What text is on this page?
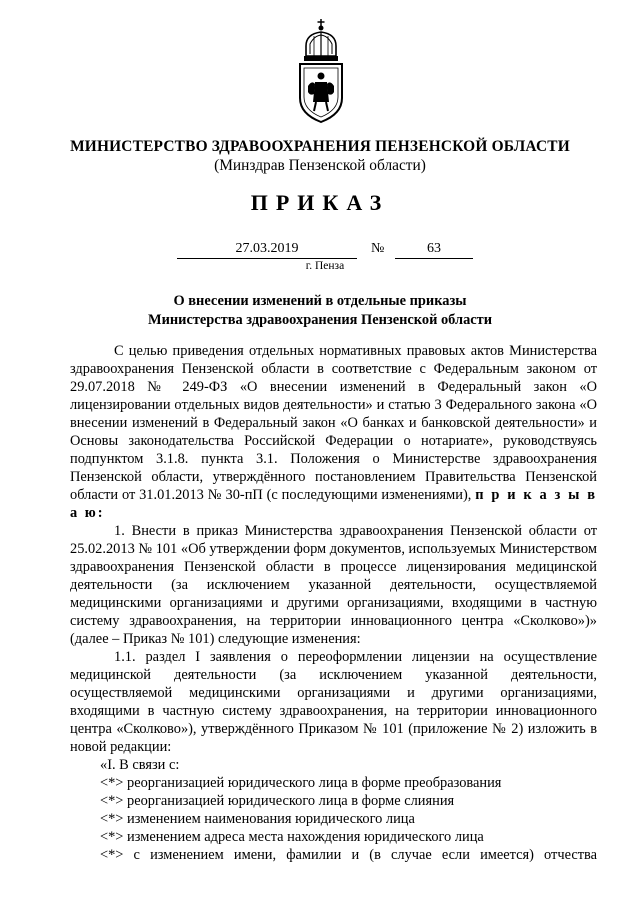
МИНИСТЕРСТВО ЗДРАВООХРАНЕНИЯ ПЕНЗЕНСКОЙ ОБЛАСТИ
(Минздрав Пензенской области)
ПРИКАЗ
27.03.2019	№	63
г. Пенза
О внесении изменений в отдельные приказы
Министерства здравоохранения Пензенской области

С целью приведения отдельных нормативных правовых актов Министерства здравоохранения Пензенской области в соответствие с Федеральным законом от 29.07.2018 № 249-ФЗ «О внесении изменений в Федеральный закон «О лицензировании отдельных видов деятельности» и статью 3 Федерального закона «О внесении изменений в Федеральный закон «О банках и банковской деятельности» и Основы законодательства Российской Федерации о нотариате», руководствуясь подпунктом 3.1.8. пункта 3.1. Положения о Министерстве здравоохранения Пензенской области, утверждённого постановлением Правительства Пензенской области от 31.01.2013 № 30-пП (с последующими изменениями), п р и к а з ы в а ю:

1. Внести в приказ Министерства здравоохранения Пензенской области от 25.02.2013 № 101 «Об утверждении форм документов, используемых Министерством здравоохранения Пензенской области в процессе лицензирования медицинской деятельности (за исключением указанной деятельности, осуществляемой медицинскими организациями и другими организациями, входящими в частную систему здравоохранения, на территории инновационного центра «Сколково»)» (далее – Приказ № 101) следующие изменения:

1.1. раздел I заявления о переоформлении лицензии на осуществление медицинской деятельности (за исключением указанной деятельности, осуществляемой медицинскими организациями и другими организациями, входящими в частную систему здравоохранения, на территории инновационного центра «Сколково»), утверждённого Приказом № 101 (приложение № 2) изложить в новой редакции:

«I. В связи с:

<*> реорганизацией юридического лица в форме преобразования

<*> реорганизацией юридического лица в форме слияния

<*> изменением наименования юридического лица

<*> изменением адреса места нахождения юридического лица

<*> с изменением имени, фамилии и (в случае если имеется) отчества
